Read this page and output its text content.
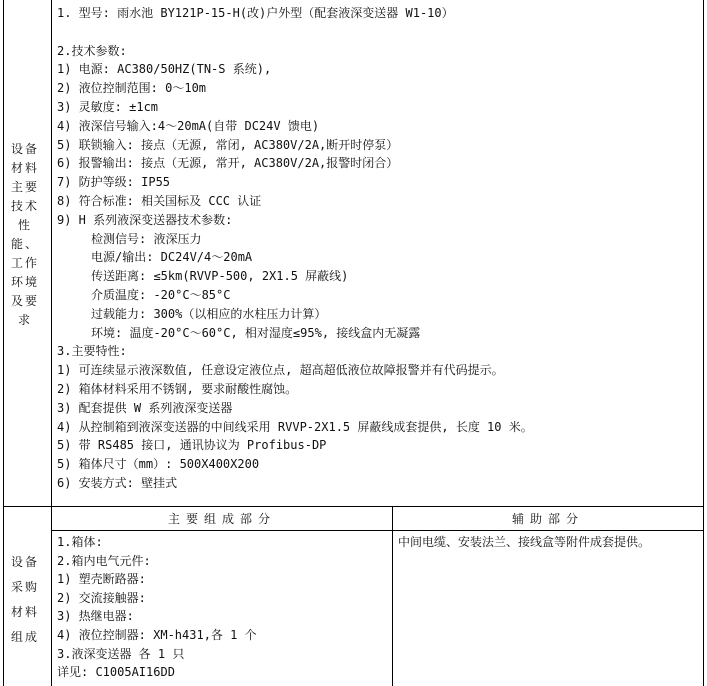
设备
材料
主要
技术
性
能、
工作
环境
及要
求
1. 型号: 雨水池 BY121P-15-H(改)户外型（配套液深变送器 W1-10）
2.技术参数:
1) 电源: AC380/50HZ(TN-S 系统),
2) 液位控制范围: 0～10m
3) 灵敏度: ±1cm
4) 液深信号输入:4～20mA(自带 DC24V 馈电)
5) 联锁输入: 接点（无源, 常闭, AC380V/2A,断开时停泵）
6) 报警输出: 接点（无源, 常开, AC380V/2A,报警时闭合）
7) 防护等级: IP55
8) 符合标准: 相关国标及 CCC 认证
9) H 系列液深变送器技术参数:
检测信号: 液深压力
电源/输出: DC24V/4～20mA
传送距离: ≤5km(RVVP-500, 2X1.5 屏蔽线)
介质温度: -20°C～85°C
过载能力: 300%（以相应的水柱压力计算）
环境: 温度-20°C～60°C, 相对湿度≤95%, 接线盒内无凝露
3.主要特性:
1) 可连续显示液深数值, 任意设定液位点, 超高超低液位故障报警并有代码提示。
2) 箱体材料采用不锈钢, 要求耐酸性腐蚀。
3) 配套提供 W 系列液深变送器
4) 从控制箱到液深变送器的中间线采用 RVVP-2X1.5 屏蔽线成套提供, 长度 10 米。
5) 带 RS485 接口, 通讯协议为 Profibus-DP
5) 箱体尺寸（mm）: 500X400X200
6) 安装方式: 壁挂式
设备
采购
材料
组成
主要组成部分	辅助部分
1.箱体:
2.箱内电气元件:
1) 塑壳断路器:
2) 交流接触器:
3) 热继电器:
4) 液位控制器: XM-h431,各 1 个
3.液深变送器 各 1 只
详见: C1005AI16DD
中间电缆、安装法兰、接线盒等附件成套提供。
